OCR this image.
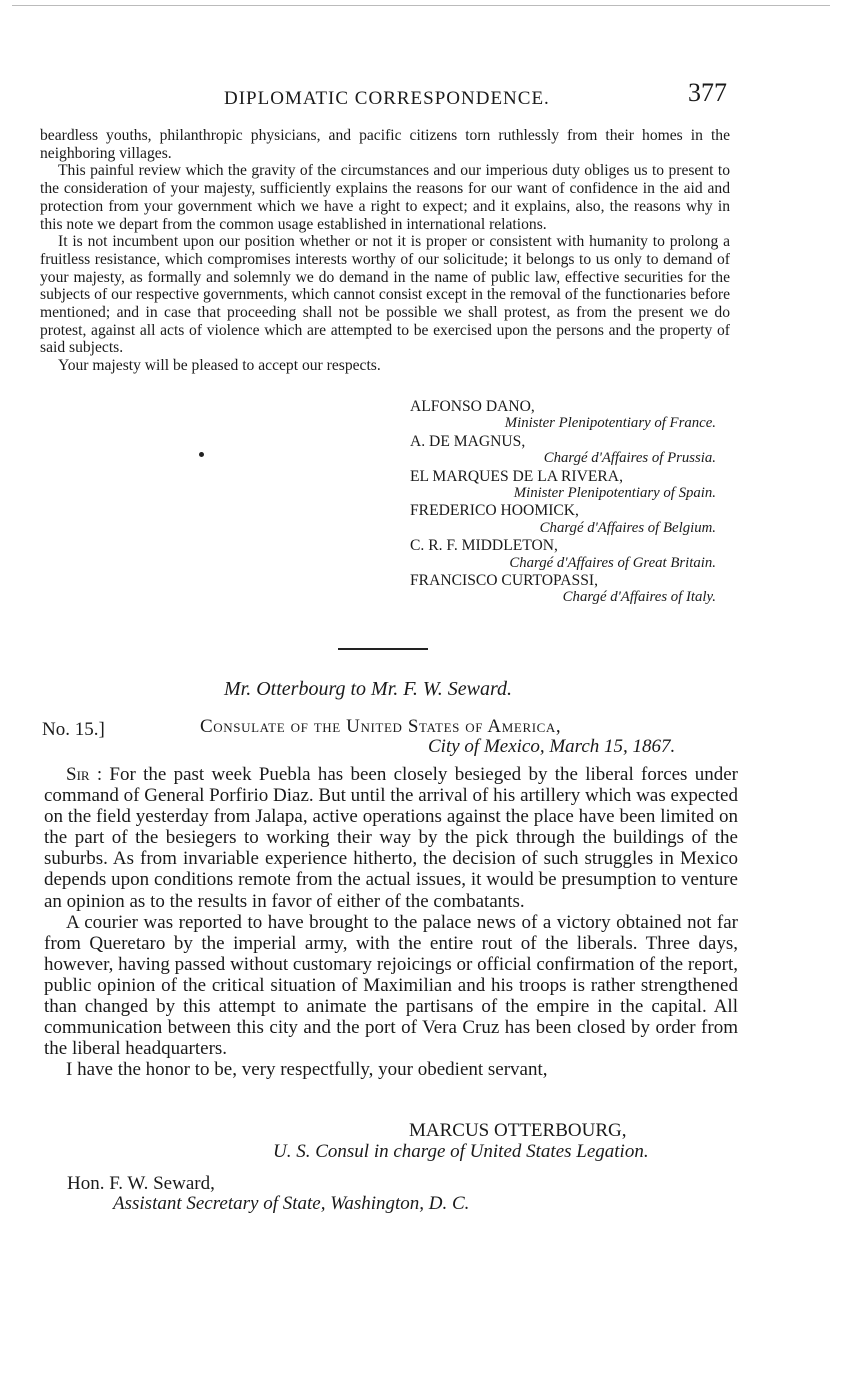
DIPLOMATIC CORRESPONDENCE.	377

beardless youths, philanthropic physicians, and pacific citizens torn ruthlessly from their homes in the neighboring villages.

This painful review which the gravity of the circumstances and our imperious duty obliges us to present to the consideration of your majesty, sufficiently explains the reasons for our want of confidence in the aid and protection from your government which we have a right to expect; and it explains, also, the reasons why in this note we depart from the common usage established in international relations.

It is not incumbent upon our position whether or not it is proper or consistent with humanity to prolong a fruitless resistance, which compromises interests worthy of our solicitude; it belongs to us only to demand of your majesty, as formally and solemnly we do demand in the name of public law, effective securities for the subjects of our respective governments, which cannot consist except in the removal of the functionaries before mentioned; and in case that proceeding shall not be possible we shall protest, as from the present we do protest, against all acts of violence which are attempted to be exercised upon the persons and the property of said subjects.

Your majesty will be pleased to accept our respects.

ALFONSO DANO,

Minister Plenipotentiary of France.

A. DE MAGNUS,

Chargé d'Affaires of Prussia.

EL MARQUES DE LA RIVERA,

Minister Plenipotentiary of Spain.

FREDERICO HOOMICK,

Chargé d'Affaires of Belgium.

C. R. F. MIDDLETON,

Chargé d'Affaires of Great Britain.

FRANCISCO CURTOPASSI,

Chargé d'Affaires of Italy.

Mr. Otterbourg to Mr. F. W. Seward.
No. 15.]	Consulate of the United States of America,
City of Mexico, March 15, 1867.

Sir : For the past week Puebla has been closely besieged by the liberal forces under command of General Porfirio Diaz. But until the arrival of his artillery which was expected on the field yesterday from Jalapa, active operations against the place have been limited on the part of the besiegers to working their way by the pick through the buildings of the suburbs. As from invariable experience hitherto, the decision of such struggles in Mexico depends upon conditions remote from the actual issues, it would be presumption to venture an opinion as to the results in favor of either of the combatants.

A courier was reported to have brought to the palace news of a victory obtained not far from Queretaro by the imperial army, with the entire rout of the liberals. Three days, however, having passed without customary rejoicings or official confirmation of the report, public opinion of the critical situation of Maximilian and his troops is rather strengthened than changed by this attempt to animate the partisans of the empire in the capital. All communication between this city and the port of Vera Cruz has been closed by order from the liberal headquarters.

I have the honor to be, very respectfully, your obedient servant,

MARCUS OTTERBOURG,
U. S. Consul in charge of United States Legation.
Hon. F. W. Seward,
Assistant Secretary of State, Washington, D. C.
